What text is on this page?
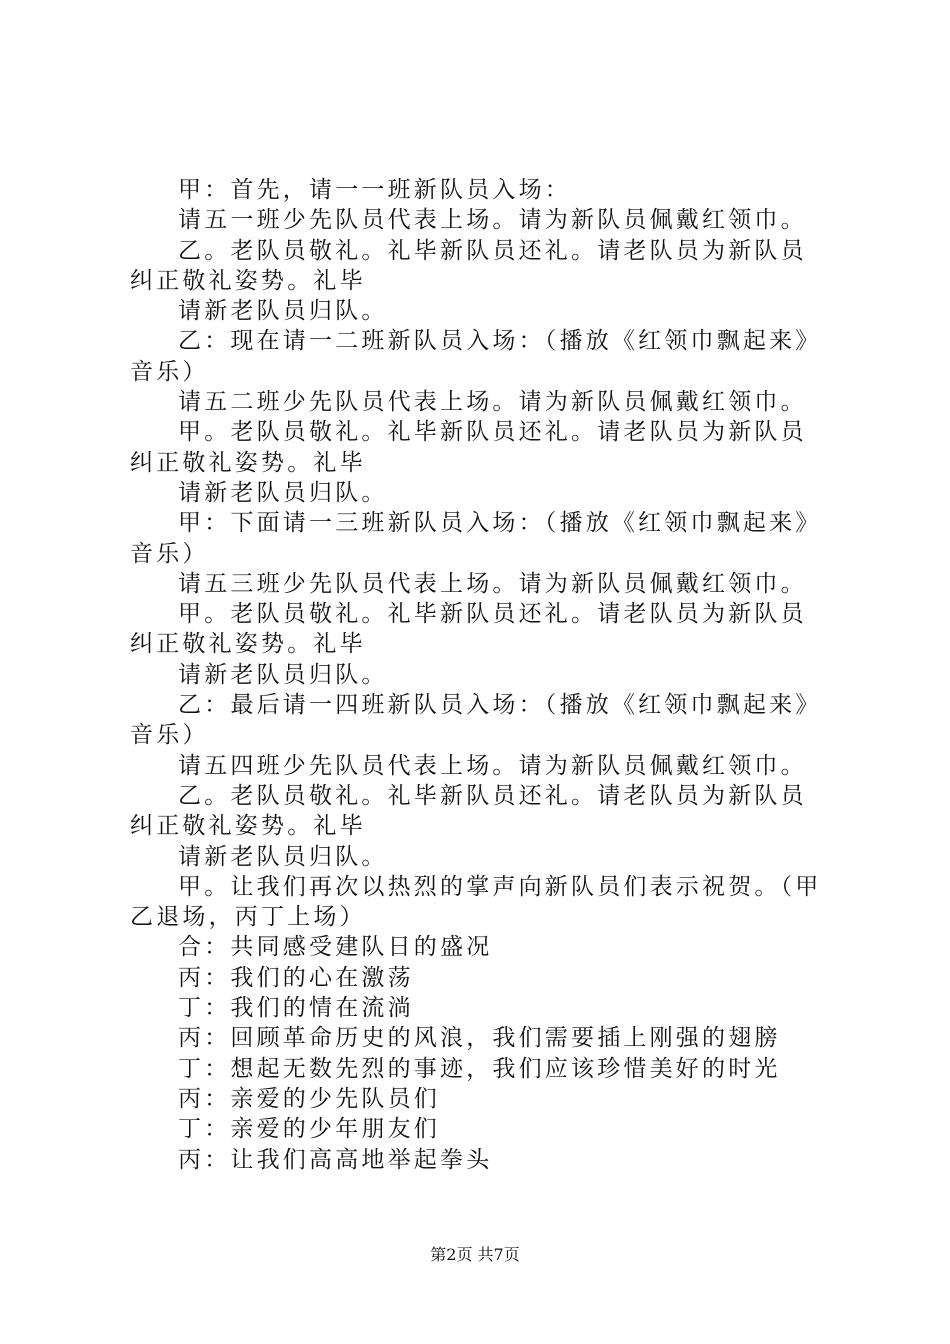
甲：首先，请一一班新队员入场：

请五一班少先队员代表上场。请为新队员佩戴红领巾。

乙。老队员敬礼。礼毕新队员还礼。请老队员为新队员纠正敬礼姿势。礼毕

请新老队员归队。

乙：现在请一二班新队员入场：（播放《红领巾飘起来》音乐）

请五二班少先队员代表上场。请为新队员佩戴红领巾。

甲。老队员敬礼。礼毕新队员还礼。请老队员为新队员纠正敬礼姿势。礼毕

请新老队员归队。

甲：下面请一三班新队员入场：（播放《红领巾飘起来》音乐）

请五三班少先队员代表上场。请为新队员佩戴红领巾。

甲。老队员敬礼。礼毕新队员还礼。请老队员为新队员纠正敬礼姿势。礼毕

请新老队员归队。

乙：最后请一四班新队员入场：（播放《红领巾飘起来》音乐）

请五四班少先队员代表上场。请为新队员佩戴红领巾。

乙。老队员敬礼。礼毕新队员还礼。请老队员为新队员纠正敬礼姿势。礼毕

请新老队员归队。

甲。让我们再次以热烈的掌声向新队员们表示祝贺。（甲乙退场，丙丁上场）

合：共同感受建队日的盛况

丙：我们的心在激荡

丁：我们的情在流淌

丙：回顾革命历史的风浪，我们需要插上刚强的翅膀

丁：想起无数先烈的事迹，我们应该珍惜美好的时光

丙：亲爱的少先队员们

丁：亲爱的少年朋友们

丙：让我们高高地举起拳头

第2页 共7页
